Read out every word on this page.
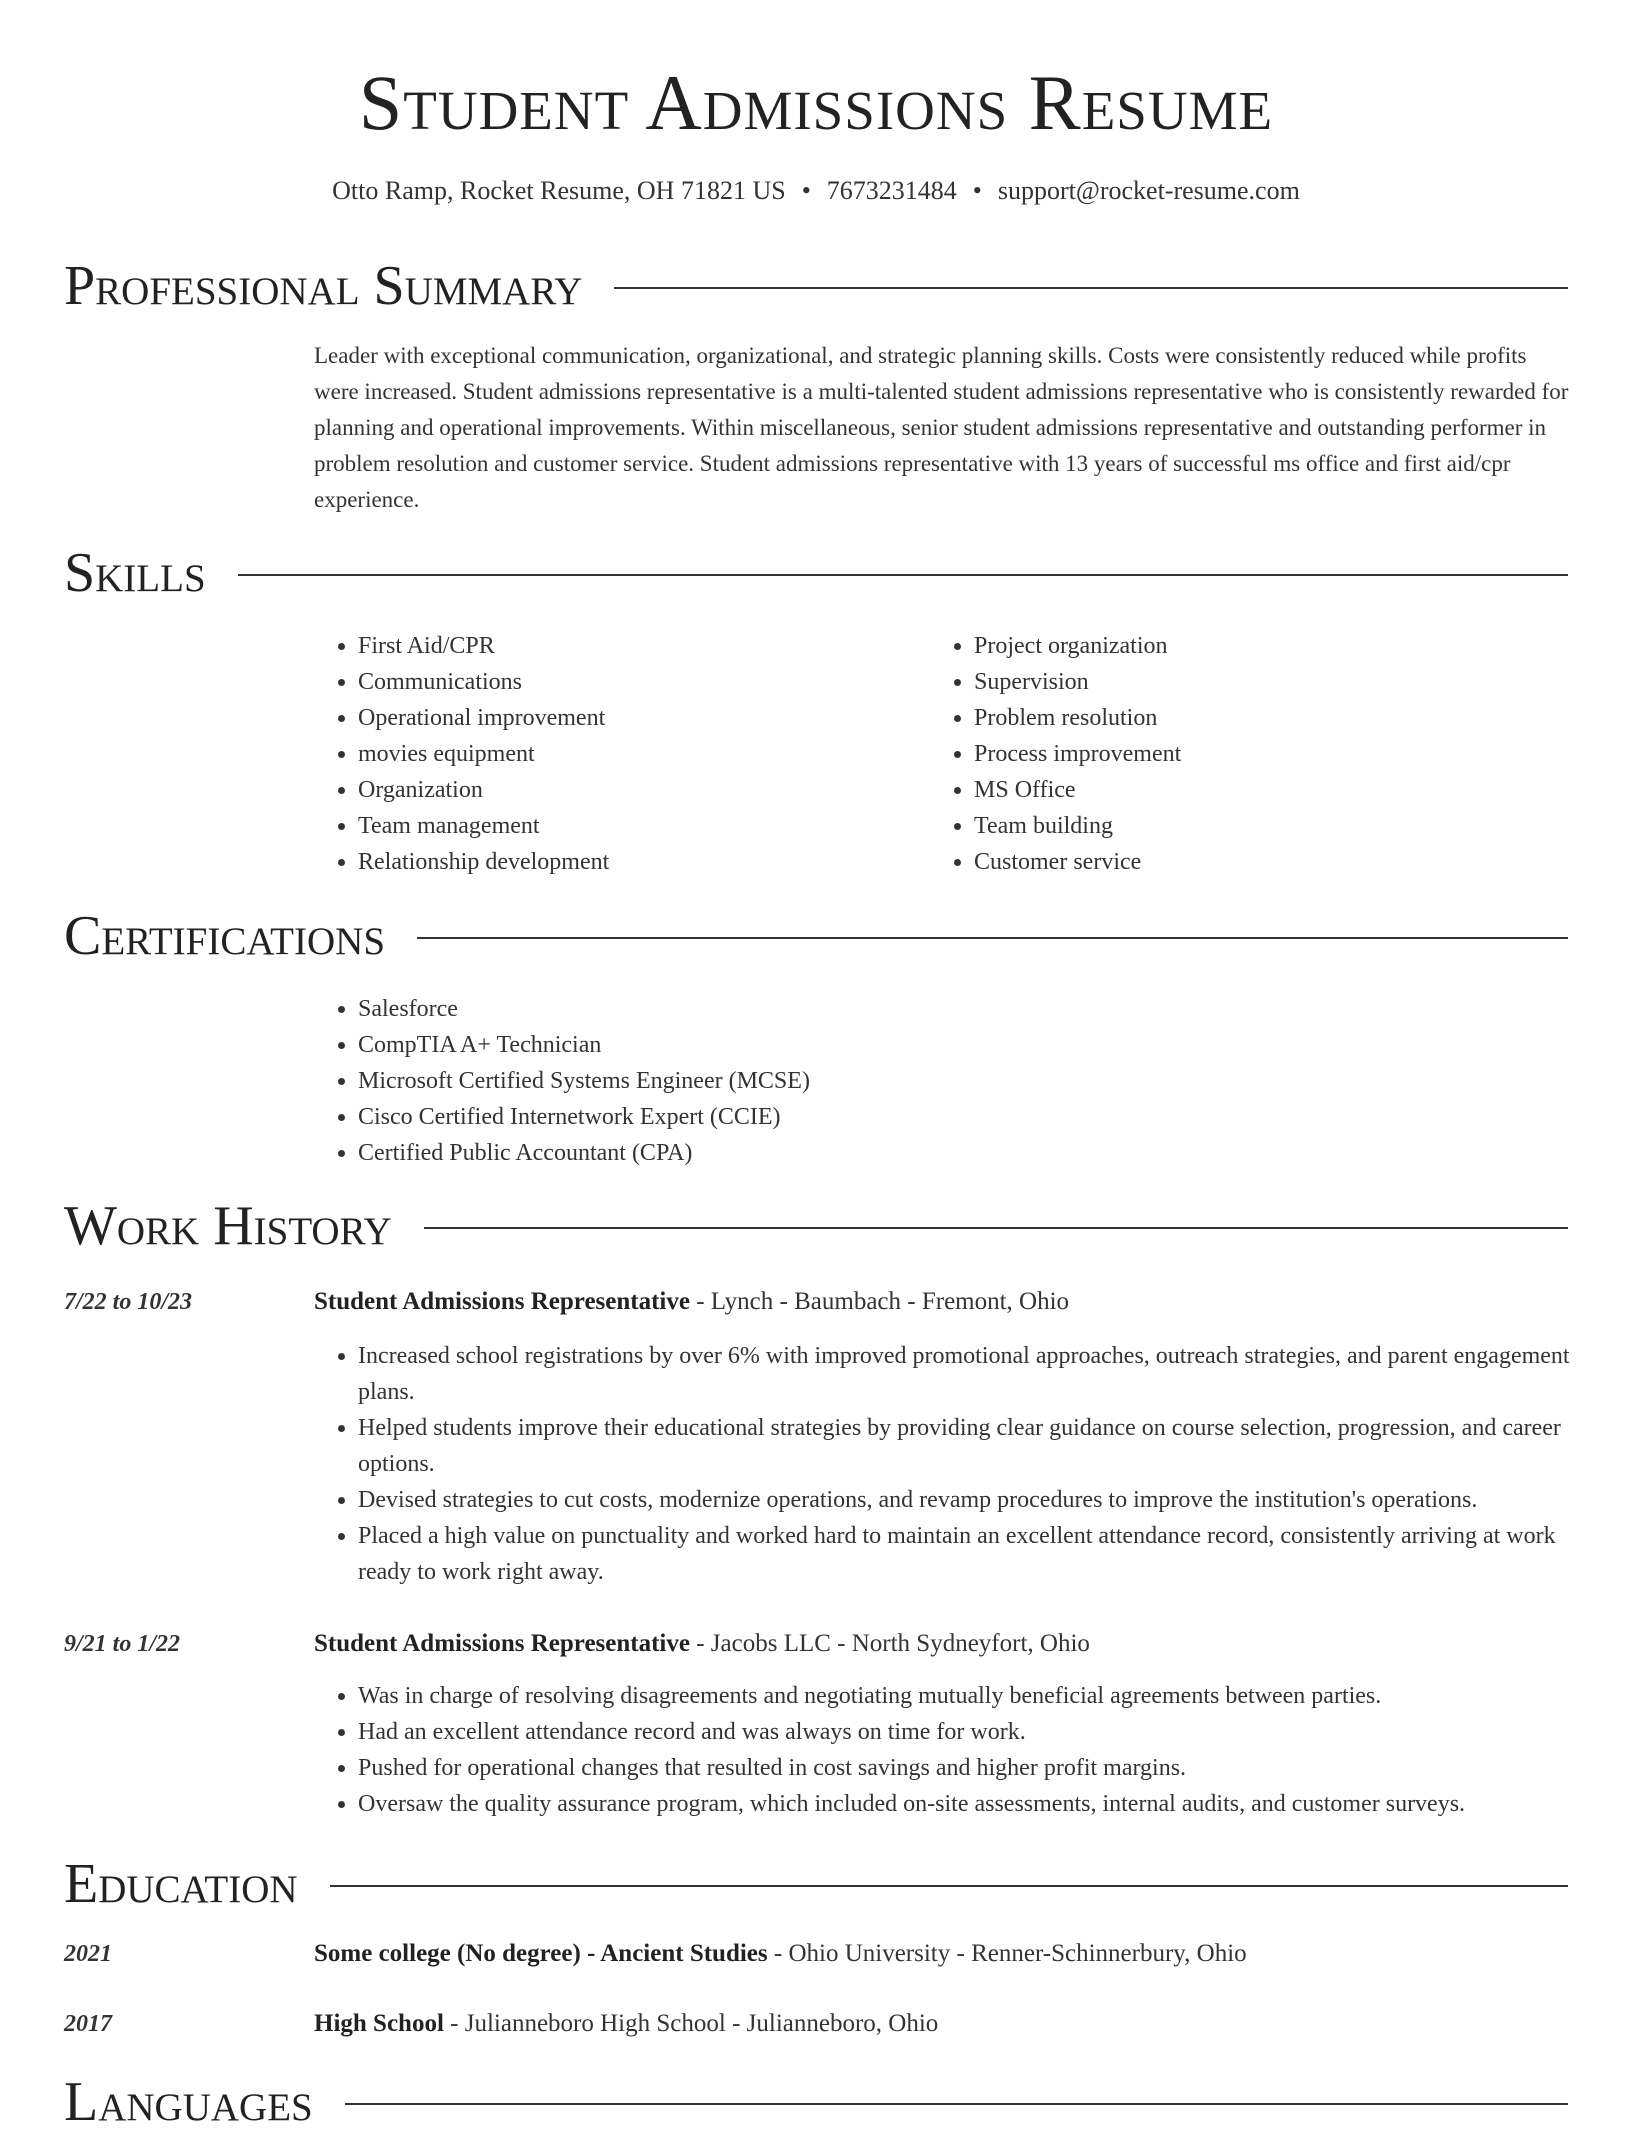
Student Admissions Resume
Otto Ramp, Rocket Resume, OH 71821 US • 7673231484 • support@rocket-resume.com
Professional Summary
Leader with exceptional communication, organizational, and strategic planning skills. Costs were consistently reduced while profits were increased. Student admissions representative is a multi-talented student admissions representative who is consistently rewarded for planning and operational improvements. Within miscellaneous, senior student admissions representative and outstanding performer in problem resolution and customer service. Student admissions representative with 13 years of successful ms office and first aid/cpr experience.
Skills
• First Aid/CPR
• Communications
• Operational improvement
• movies equipment
• Organization
• Team management
• Relationship development
• Project organization
• Supervision
• Problem resolution
• Process improvement
• MS Office
• Team building
• Customer service
Certifications
• Salesforce
• CompTIA A+ Technician
• Microsoft Certified Systems Engineer (MCSE)
• Cisco Certified Internetwork Expert (CCIE)
• Certified Public Accountant (CPA)
Work History
7/22 to 10/23	Student Admissions Representative - Lynch - Baumbach - Fremont, Ohio
• Increased school registrations by over 6% with improved promotional approaches, outreach strategies, and parent engagement plans.
• Helped students improve their educational strategies by providing clear guidance on course selection, progression, and career options.
• Devised strategies to cut costs, modernize operations, and revamp procedures to improve the institution's operations.
• Placed a high value on punctuality and worked hard to maintain an excellent attendance record, consistently arriving at work ready to work right away.
9/21 to 1/22	Student Admissions Representative - Jacobs LLC - North Sydneyfort, Ohio
• Was in charge of resolving disagreements and negotiating mutually beneficial agreements between parties.
• Had an excellent attendance record and was always on time for work.
• Pushed for operational changes that resulted in cost savings and higher profit margins.
• Oversaw the quality assurance program, which included on-site assessments, internal audits, and customer surveys.
Education
2021	Some college (No degree) - Ancient Studies - Ohio University - Renner-Schinnerbury, Ohio
2017	High School - Julianneboro High School - Julianneboro, Ohio
Languages
